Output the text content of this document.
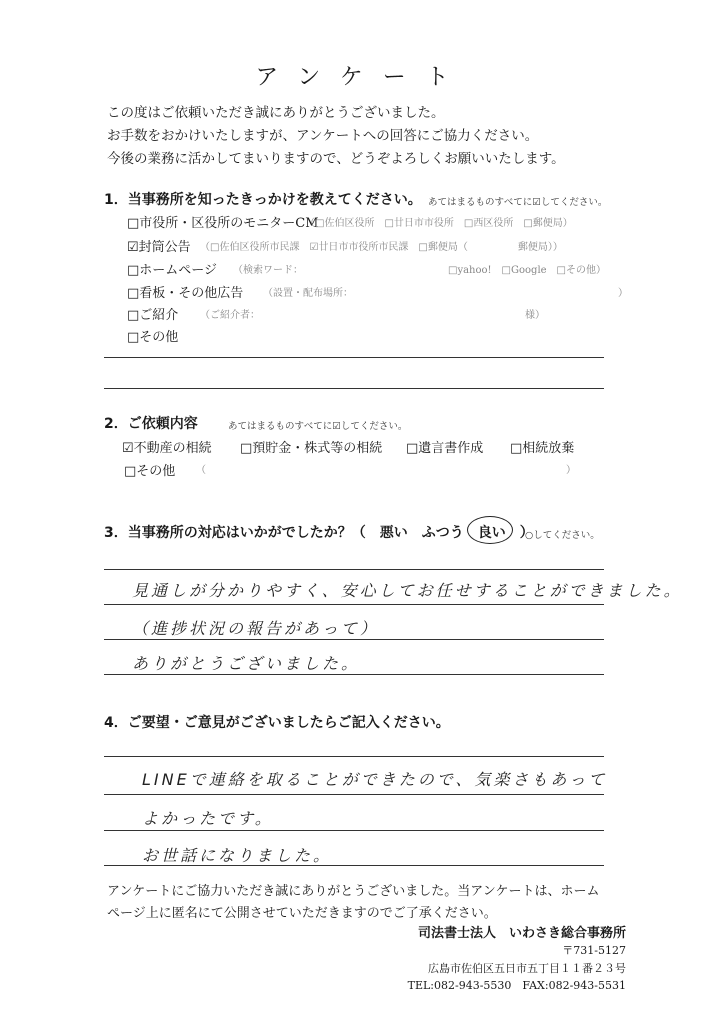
アンケート
この度はご依頼いただき誠にありがとうございました。
お手数をおかけいたしますが、アンケートへの回答にご協力ください。
今後の業務に活かしてまいりますので、どうぞよろしくお願いいたします。
1．当事務所を知ったきっかけを教えてください。 あてはまるものすべてに☑してください。
□市役所・区役所のモニターCM
（□佐伯区役所　□廿日市市役所　□西区役所　□郵便局）
☑封筒公告 （□佐伯区役所市民課　☑廿日市市役所市民課　□郵便局（　　　　　郵便局））
□ホームページ （検索ワード：　　　　　　　　　　　　　　　□yahoo!　□Google　□その他）
□看板・その他広告 （設置・配布場所：　　　　　　　　　　　　　　　　　　　　　　　　　　　）
□ご紹介 （ご紹介者：　　　　　　　　　　　　　　　　　　　　　　　　　　　様）
□その他
2．ご依頼内容	あてはまるものすべてに☑してください。
☑不動産の相続 □預貯金・株式等の相続 □遺言書作成 □相続放棄
□その他 （　　　　　　　　　　　　　　　　　　　　　　　　　　　　　　　　　　　　）
3．当事務所の対応はいかがでしたか？（　悪い　ふつう　良い　）
○してください。
見通しが分かりやすく、安心してお任せすることができました。
（進捗状況の報告があって）
ありがとうございました。
4．ご要望・ご意見がございましたらご記入ください。
LINEで連絡を取ることができたので、気楽さもあって
よかったです。
お世話になりました。
アンケートにご協力いただき誠にありがとうございました。当アンケートは、ホーム
ページ上に匿名にて公開させていただきますのでご了承ください。
司法書士法人　いわさき総合事務所
〒731-5127
広島市佐伯区五日市五丁目１１番２３号
TEL:082-943-5530　FAX:082-943-5531
